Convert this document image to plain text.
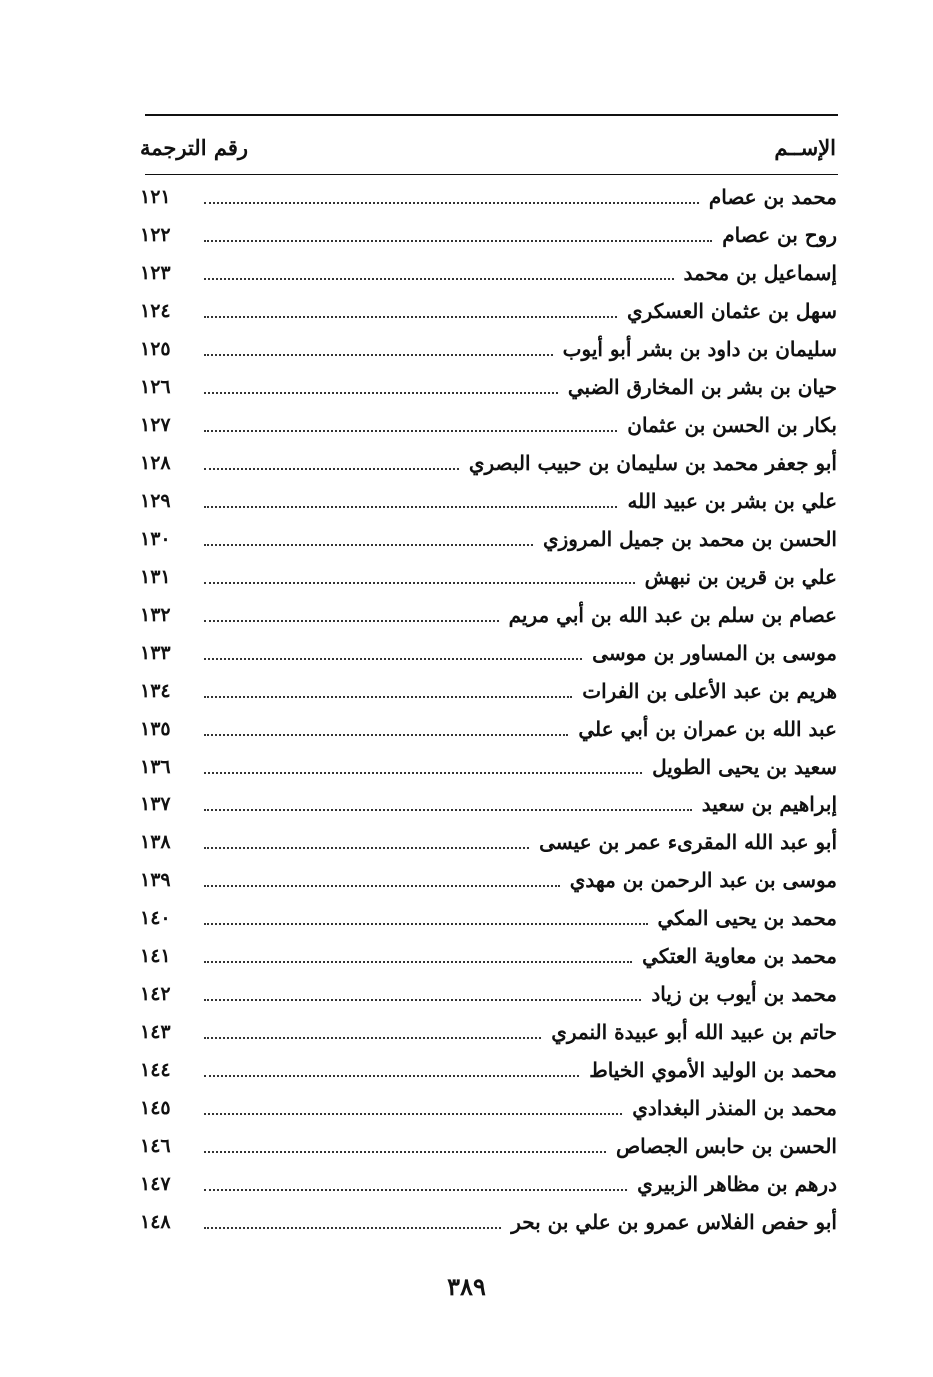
الإســم
رقم الترجمة
محمد بن عصام
١٢١
روح بن عصام
١٢٢
إسماعيل بن محمد
١٢٣
سهل بن عثمان العسكري
١٢٤
سليمان بن داود بن بشر أبو أيوب
١٢٥
حيان بن بشر بن المخارق الضبي
١٢٦
بكار بن الحسن بن عثمان
١٢٧
أبو جعفر محمد بن سليمان بن حبيب البصري
١٢٨
علي بن بشر بن عبيد الله
١٢٩
الحسن بن محمد بن جميل المروزي
١٣٠
علي بن قرين بن نبهش
١٣١
عصام بن سلم بن عبد الله بن أبي مريم
١٣٢
موسى بن المساور بن موسى
١٣٣
هريم بن عبد الأعلى بن الفرات
١٣٤
عبد الله بن عمران بن أبي علي
١٣٥
سعيد بن يحيى الطويل
١٣٦
إبراهيم بن سعيد
١٣٧
أبو عبد الله المقرىء عمر بن عيسى
١٣٨
موسى بن عبد الرحمن بن مهدي
١٣٩
محمد بن يحيى المكي
١٤٠
محمد بن معاوية العتكي
١٤١
محمد بن أيوب بن زياد
١٤٢
حاتم بن عبيد الله أبو عبيدة النمري
١٤٣
محمد بن الوليد الأموي الخياط
١٤٤
محمد بن المنذر البغدادي
١٤٥
الحسن بن حابس الجصاص
١٤٦
درهم بن مظاهر الزبيري
١٤٧
أبو حفص الفلاس عمرو بن علي بن بحر
١٤٨
٣٨٩
